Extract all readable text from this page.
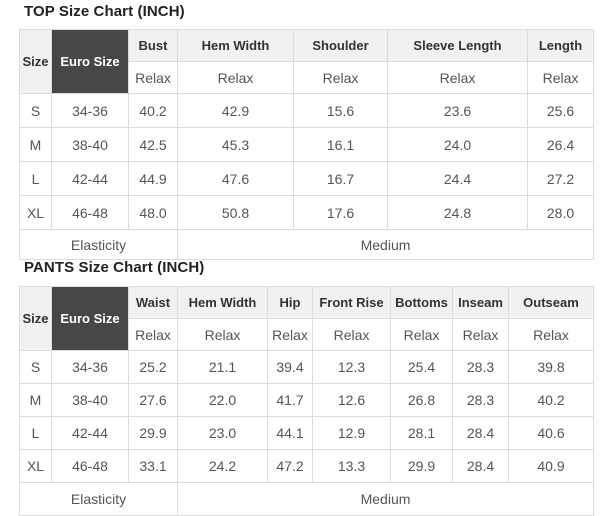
TOP Size Chart (INCH)
Size	Euro Size	Bust	Hem Width	Shoulder	Sleeve Length	Length
		Relax	Relax	Relax	Relax	Relax
S	34-36	40.2	42.9	15.6	23.6	25.6
M	38-40	42.5	45.3	16.1	24.0	26.4
L	42-44	44.9	47.6	16.7	24.4	27.2
XL	46-48	48.0	50.8	17.6	24.8	28.0
Elasticity			Medium			
PANTS Size Chart (INCH)
Size	Euro Size	Waist	Hem Width	Hip	Front Rise	Bottoms	Inseam	Outseam
		Relax	Relax	Relax	Relax	Relax	Relax	Relax
S	34-36	25.2	21.1	39.4	12.3	25.4	28.3	39.8
M	38-40	27.6	22.0	41.7	12.6	26.8	28.3	40.2
L	42-44	29.9	23.0	44.1	12.9	28.1	28.4	40.6
XL	46-48	33.1	24.2	47.2	13.3	29.9	28.4	40.9
Elasticity			Medium					
